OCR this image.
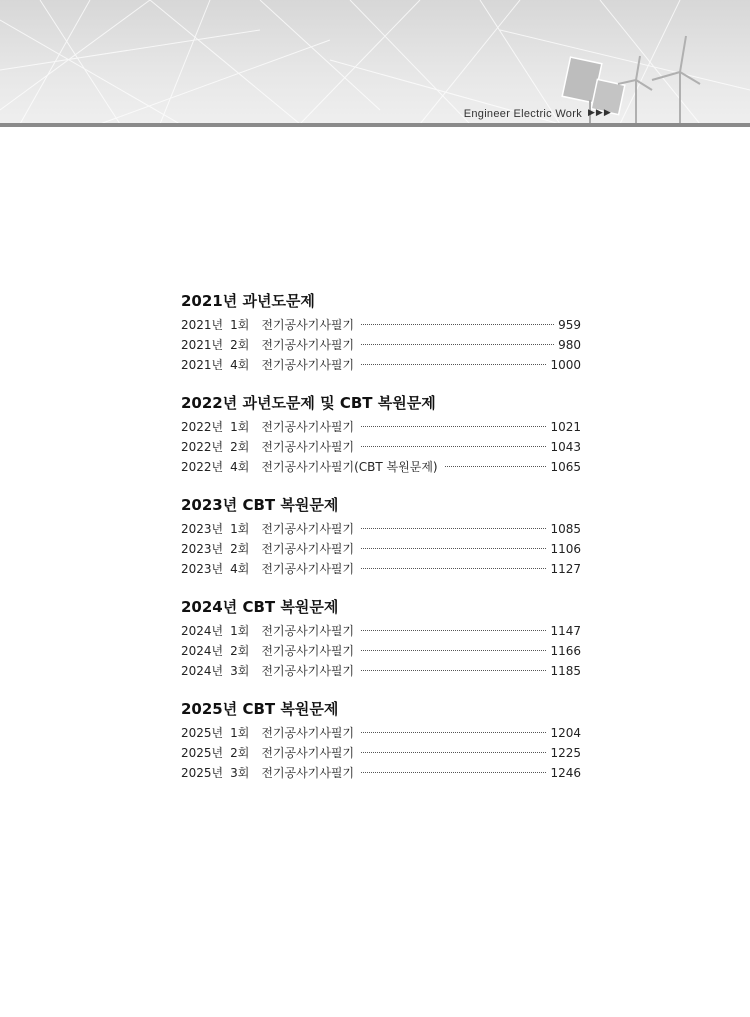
Engineer Electric Work ▶▶▶
2021년 과년도문제
2021년 1회 전기공사기사필기	959
2021년 2회 전기공사기사필기	980
2021년 4회 전기공사기사필기	1000
2022년 과년도문제 및 CBT 복원문제
2022년 1회 전기공사기사필기	1021
2022년 2회 전기공사기사필기	1043
2022년 4회 전기공사기사필기(CBT 복원문제)	1065
2023년 CBT 복원문제
2023년 1회 전기공사기사필기	1085
2023년 2회 전기공사기사필기	1106
2023년 4회 전기공사기사필기	1127
2024년 CBT 복원문제
2024년 1회 전기공사기사필기	1147
2024년 2회 전기공사기사필기	1166
2024년 3회 전기공사기사필기	1185
2025년 CBT 복원문제
2025년 1회 전기공사기사필기	1204
2025년 2회 전기공사기사필기	1225
2025년 3회 전기공사기사필기	1246
